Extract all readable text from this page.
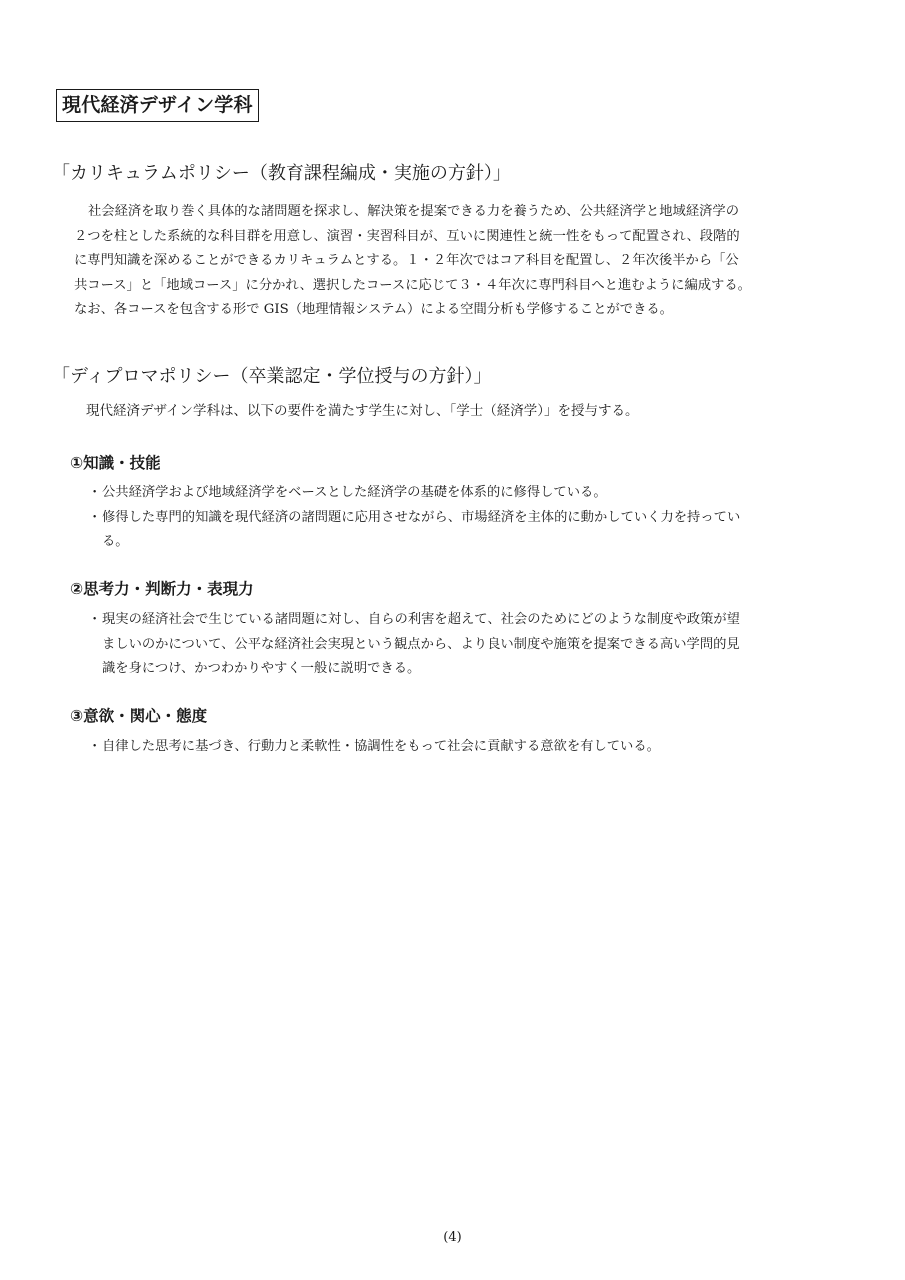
現代経済デザイン学科
「カリキュラムポリシー（教育課程編成・実施の方針）」
社会経済を取り巻く具体的な諸問題を探求し、解決策を提案できる力を養うため、公共経済学と地域経済学の
２つを柱とした系統的な科目群を用意し、演習・実習科目が、互いに関連性と統一性をもって配置され、段階的
に専門知識を深めることができるカリキュラムとする。１・２年次ではコア科目を配置し、２年次後半から「公
共コース」と「地域コース」に分かれ、選択したコースに応じて３・４年次に専門科目へと進むように編成する。
なお、各コースを包含する形で GIS（地理情報システム）による空間分析も学修することができる。
「ディプロマポリシー（卒業認定・学位授与の方針）」
現代経済デザイン学科は、以下の要件を満たす学生に対し、「学士（経済学）」を授与する。
①知識・技能
・ 公共経済学および地域経済学をベースとした経済学の基礎を体系的に修得している。
・ 修得した専門的知識を現代経済の諸問題に応用させながら、市場経済を主体的に動かしていく力を持ってい
る。
②思考力・判断力・表現力
・ 現実の経済社会で生じている諸問題に対し、自らの利害を超えて、社会のためにどのような制度や政策が望
ましいのかについて、公平な経済社会実現という観点から、より良い制度や施策を提案できる高い学問的見
識を身につけ、かつわかりやすく一般に説明できる。
③意欲・関心・態度
・ 自律した思考に基づき、行動力と柔軟性・協調性をもって社会に貢献する意欲を有している。
(4)
